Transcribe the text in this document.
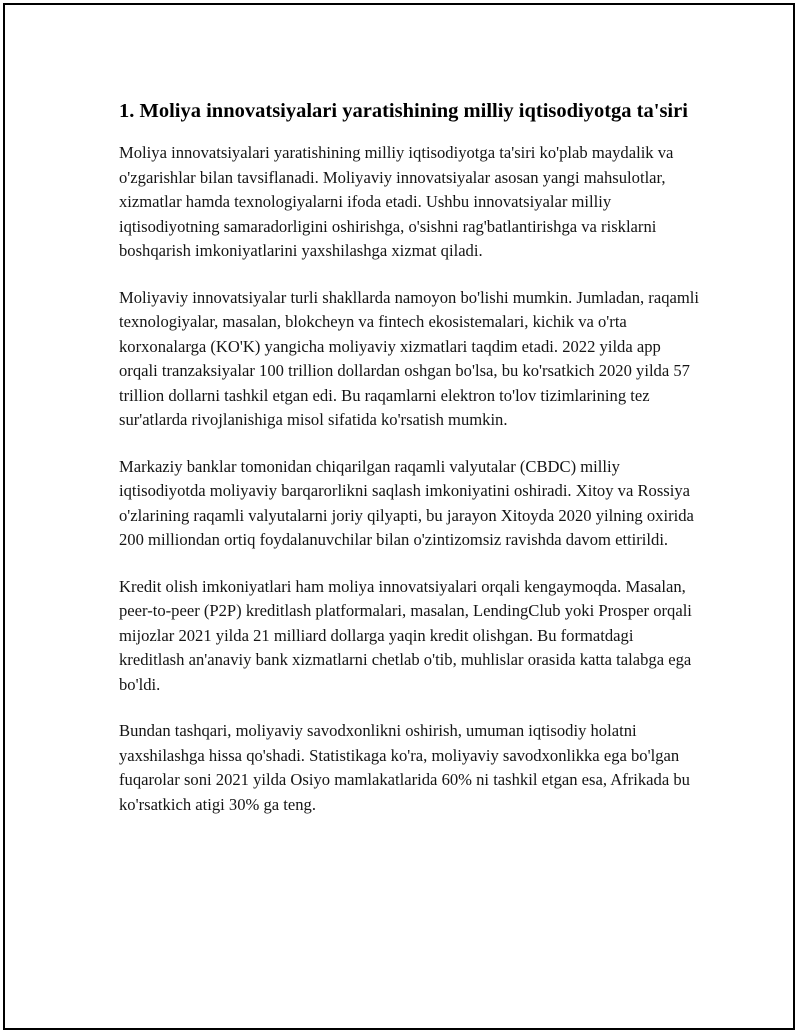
1. Moliya innovatsiyalari yaratishining milliy iqtisodiyotga ta'siri

Moliya innovatsiyalari yaratishining milliy iqtisodiyotga ta'siri ko'plab maydalik va o'zgarishlar bilan tavsiflanadi. Moliyaviy innovatsiyalar asosan yangi mahsulotlar, xizmatlar hamda texnologiyalarni ifoda etadi. Ushbu innovatsiyalar milliy iqtisodiyotning samaradorligini oshirishga, o'sishni rag'batlantirishga va risklarni boshqarish imkoniyatlarini yaxshilashga xizmat qiladi.

Moliyaviy innovatsiyalar turli shakllarda namoyon bo'lishi mumkin. Jumladan, raqamli texnologiyalar, masalan, blokcheyn va fintech ekosistemalari, kichik va o'rta korxonalarga (KO'K) yangicha moliyaviy xizmatlari taqdim etadi. 2022 yilda app orqali tranzaksiyalar 100 trillion dollardan oshgan bo'lsa, bu ko'rsatkich 2020 yilda 57 trillion dollarni tashkil etgan edi. Bu raqamlarni elektron to'lov tizimlarining tez sur'atlarda rivojlanishiga misol sifatida ko'rsatish mumkin.

Markaziy banklar tomonidan chiqarilgan raqamli valyutalar (CBDC) milliy iqtisodiyotda moliyaviy barqarorlikni saqlash imkoniyatini oshiradi. Xitoy va Rossiya o'zlarining raqamli valyutalarni joriy qilyapti, bu jarayon Xitoyda 2020 yilning oxirida 200 milliondan ortiq foydalanuvchilar bilan o'zintizomsiz ravishda davom ettirildi.

Kredit olish imkoniyatlari ham moliya innovatsiyalari orqali kengaymoqda. Masalan, peer-to-peer (P2P) kreditlash platformalari, masalan, LendingClub yoki Prosper orqali mijozlar 2021 yilda 21 milliard dollarga yaqin kredit olishgan. Bu formatdagi kreditlash an'anaviy bank xizmatlarni chetlab o'tib, muhlislar orasida katta talabga ega bo'ldi.

Bundan tashqari, moliyaviy savodxonlikni oshirish, umuman iqtisodiy holatni yaxshilashga hissa qo'shadi. Statistikaga ko'ra, moliyaviy savodxonlikka ega bo'lgan fuqarolar soni 2021 yilda Osiyo mamlakatlarida 60% ni tashkil etgan esa, Afrikada bu ko'rsatkich atigi 30% ga teng.
